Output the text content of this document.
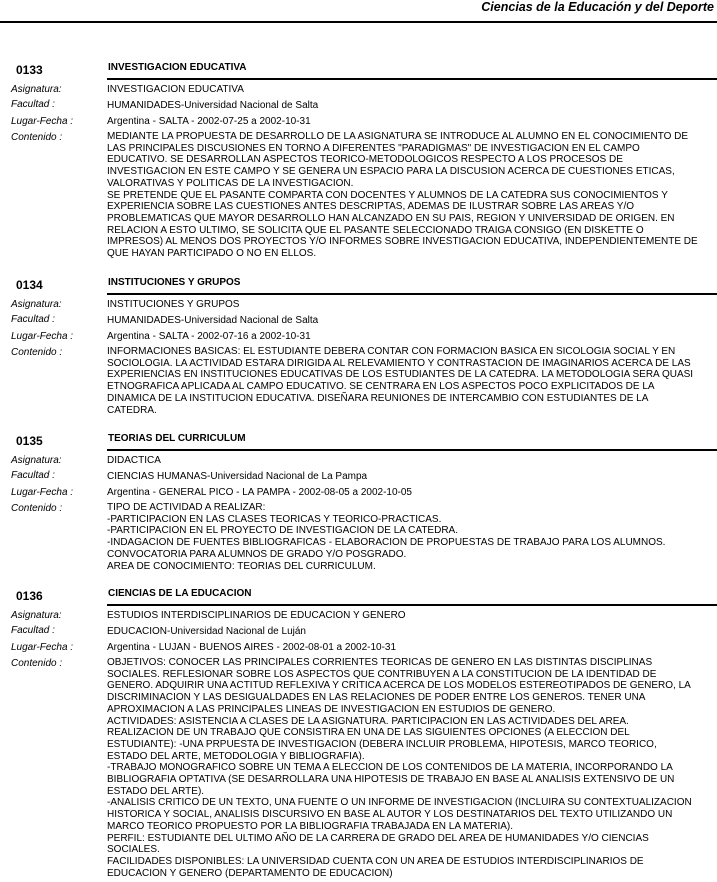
Ciencias de la Educación y del Deporte
0133	INVESTIGACION EDUCATIVA
Asignatura:	INVESTIGACION EDUCATIVA
Facultad :	HUMANIDADES-Universidad Nacional de Salta
Lugar-Fecha :	Argentina - SALTA - 2002-07-25 a 2002-10-31
Contenido :	MEDIANTE LA PROPUESTA DE DESARROLLO DE LA ASIGNATURA SE INTRODUCE AL ALUMNO EN EL CONOCIMIENTO DE
LAS PRINCIPALES DISCUSIONES EN TORNO A DIFERENTES "PARADIGMAS" DE INVESTIGACION EN EL CAMPO
EDUCATIVO. SE DESARROLLAN ASPECTOS TEORICO-METODOLOGICOS RESPECTO A LOS PROCESOS DE
INVESTIGACION EN ESTE CAMPO Y SE GENERA UN ESPACIO PARA LA DISCUSION ACERCA DE CUESTIONES ETICAS,
VALORATIVAS Y POLITICAS DE LA INVESTIGACION.
SE PRETENDE QUE EL PASANTE COMPARTA CON DOCENTES Y ALUMNOS DE LA CATEDRA SUS CONOCIMIENTOS Y
EXPERIENCIA SOBRE LAS CUESTIONES ANTES DESCRIPTAS, ADEMAS DE ILUSTRAR SOBRE LAS AREAS Y/O
PROBLEMATICAS QUE MAYOR DESARROLLO HAN ALCANZADO EN SU PAIS, REGION Y UNIVERSIDAD DE ORIGEN. EN
RELACION A ESTO ULTIMO, SE SOLICITA QUE EL PASANTE SELECCIONADO TRAIGA CONSIGO (EN DISKETTE O
IMPRESOS) AL MENOS DOS PROYECTOS Y/O INFORMES SOBRE INVESTIGACION EDUCATIVA, INDEPENDIENTEMENTE DE
QUE HAYAN PARTICIPADO O NO EN ELLOS.
0134	INSTITUCIONES Y GRUPOS
Asignatura:	INSTITUCIONES Y GRUPOS
Facultad :	HUMANIDADES-Universidad Nacional de Salta
Lugar-Fecha :	Argentina - SALTA - 2002-07-16 a 2002-10-31
Contenido :	INFORMACIONES BASICAS: EL ESTUDIANTE DEBERA CONTAR CON FORMACION BASICA EN SICOLOGIA SOCIAL Y EN
SOCIOLOGIA. LA ACTIVIDAD ESTARA DIRIGIDA AL RELEVAMIENTO Y CONTRASTACION DE IMAGINARIOS ACERCA DE LAS
EXPERIENCIAS EN INSTITUCIONES EDUCATIVAS DE LOS ESTUDIANTES DE LA CATEDRA. LA METODOLOGIA SERA QUASI
ETNOGRAFICA APLICADA AL CAMPO EDUCATIVO. SE CENTRARA EN LOS ASPECTOS POCO EXPLICITADOS DE LA
DINAMICA DE LA INSTITUCION EDUCATIVA. DISEÑARA REUNIONES DE INTERCAMBIO CON ESTUDIANTES DE LA
CATEDRA.
0135	TEORIAS DEL CURRICULUM
Asignatura:	DIDACTICA
Facultad :	CIENCIAS HUMANAS-Universidad Nacional de La Pampa
Lugar-Fecha :	Argentina - GENERAL PICO - LA PAMPA - 2002-08-05 a 2002-10-05
Contenido :	TIPO DE ACTIVIDAD A REALIZAR:
-PARTICIPACION EN LAS CLASES TEORICAS Y TEORICO-PRACTICAS.
-PARTICIPACION EN EL PROYECTO DE INVESTIGACION DE LA CATEDRA.
-INDAGACION DE FUENTES BIBLIOGRAFICAS - ELABORACION DE PROPUESTAS DE TRABAJO PARA LOS ALUMNOS.
CONVOCATORIA PARA ALUMNOS DE GRADO Y/O POSGRADO.
AREA DE CONOCIMIENTO: TEORIAS DEL CURRICULUM.
0136	CIENCIAS DE LA EDUCACION
Asignatura:	ESTUDIOS INTERDISCIPLINARIOS DE EDUCACION Y GENERO
Facultad :	EDUCACION-Universidad Nacional de Luján
Lugar-Fecha :	Argentina - LUJAN - BUENOS AIRES - 2002-08-01 a 2002-10-31
Contenido :	OBJETIVOS: CONOCER LAS PRINCIPALES CORRIENTES TEORICAS DE GENERO EN LAS DISTINTAS DISCIPLINAS
SOCIALES. REFLESIONAR SOBRE LOS ASPECTOS QUE CONTRIBUYEN A LA CONSTITUCION DE LA IDENTIDAD DE
GENERO. ADQUIRIR UNA ACTITUD REFLEXIVA Y CRITICA ACERCA DE LOS MODELOS ESTEREOTIPADOS DE GENERO, LA
DISCRIMINACION Y LAS DESIGUALDADES EN LAS RELACIONES DE PODER ENTRE LOS GENEROS. TENER UNA
APROXIMACION A LAS PRINCIPALES LINEAS DE INVESTIGACION EN ESTUDIOS DE GENERO.
ACTIVIDADES: ASISTENCIA A CLASES DE LA ASIGNATURA. PARTICIPACION EN LAS ACTIVIDADES DEL AREA.
REALIZACION DE UN TRABAJO QUE CONSISTIRA EN UNA DE LAS SIGUIENTES OPCIONES (A ELECCION DEL
ESTUDIANTE): -UNA PRPUESTA DE INVESTIGACION (DEBERA INCLUIR PROBLEMA, HIPOTESIS, MARCO TEORICO,
ESTADO DEL ARTE, METODOLOGIA Y BIBLIOGRAFIA).
-TRABAJO MONOGRAFICO SOBRE UN TEMA A ELECCION DE LOS CONTENIDOS DE LA MATERIA, INCORPORANDO LA
BIBLIOGRAFIA OPTATIVA (SE DESARROLLARA UNA HIPOTESIS DE TRABAJO EN BASE AL ANALISIS EXTENSIVO DE UN
ESTADO DEL ARTE).
-ANALISIS CRITICO DE UN TEXTO, UNA FUENTE O UN INFORME DE INVESTIGACION (INCLUIRA SU CONTEXTUALIZACION
HISTORICA Y SOCIAL, ANALISIS DISCURSIVO EN BASE AL AUTOR Y LOS DESTINATARIOS DEL TEXTO UTILIZANDO UN
MARCO TEORICO PROPUESTO POR LA BIBLIOGRAFIA TRABAJADA EN LA MATERIA).
PERFIL: ESTUDIANTE DEL ULTIMO AÑO DE LA CARRERA DE GRADO DEL AREA DE HUMANIDADES Y/O CIENCIAS
SOCIALES.
FACILIDADES DISPONIBLES: LA UNIVERSIDAD CUENTA CON UN AREA DE ESTUDIOS INTERDISCIPLINARIOS DE
EDUCACION Y GENERO (DEPARTAMENTO DE EDUCACION)
